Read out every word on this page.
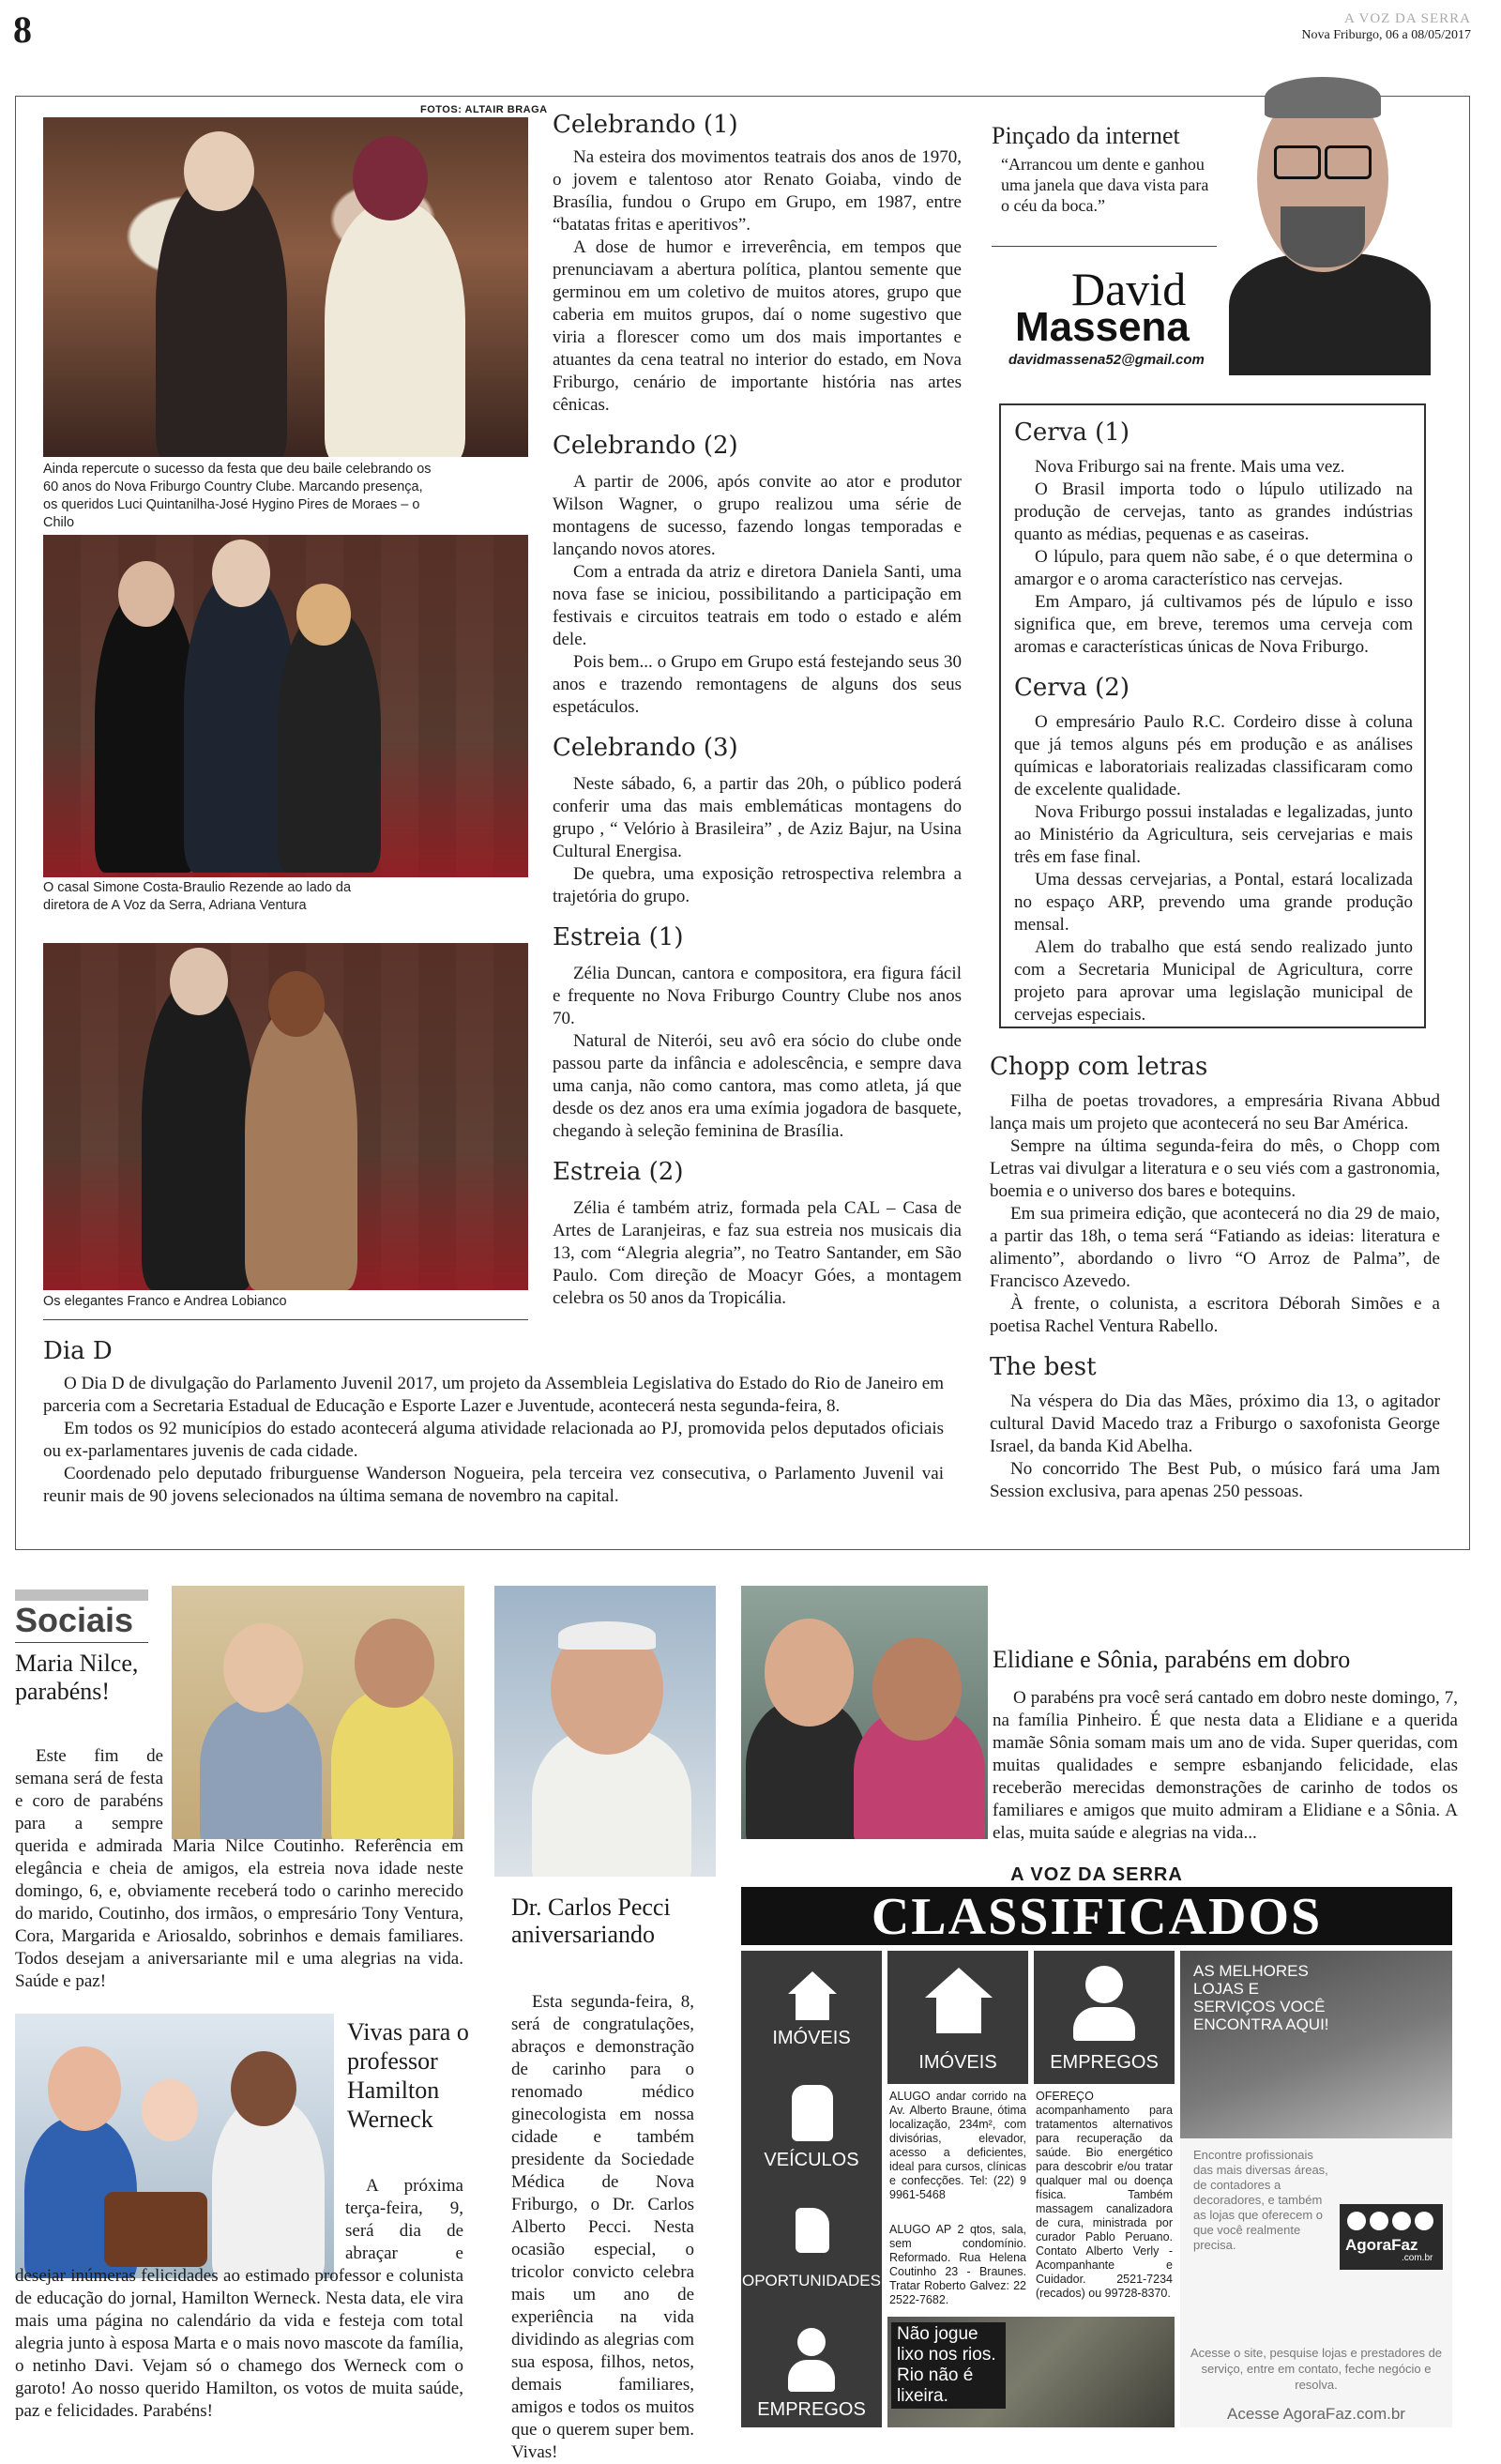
8	A VOZ DA SERRA
Nova Friburgo, 06 a 08/05/2017
FOTOS: ALTAIR BRAGA
Ainda repercute o sucesso da festa que deu baile celebrando os 60 anos do Nova Friburgo Country Clube. Marcando presença, os queridos Luci Quintanilha-José Hygino Pires de Moraes – o Chilo
O casal Simone Costa-Braulio Rezende ao lado da diretora de A Voz da Serra, Adriana Ventura
Os elegantes Franco e Andrea Lobianco
Celebrando (1)

Na esteira dos movimentos teatrais dos anos de 1970, o jovem e talentoso ator Renato Goiaba, vindo de Brasília, fundou o Grupo em Grupo, em 1987, entre “batatas fritas e aperitivos”.

A dose de humor e irreverência, em tempos que prenunciavam a abertura política, plantou semente que germinou em um coletivo de muitos atores, grupo que caberia em muitos grupos, daí o nome sugestivo que viria a florescer como um dos mais importantes e atuantes da cena teatral no interior do estado, em Nova Friburgo, cenário de importante história nas artes cênicas.

Celebrando (2)

A partir de 2006, após convite ao ator e produtor Wilson Wagner, o grupo realizou uma série de montagens de sucesso, fazendo longas temporadas e lançando novos atores.

Com a entrada da atriz e diretora Daniela Santi, uma nova fase se iniciou, possibilitando a participação em festivais e circuitos teatrais em todo o estado e além dele.

Pois bem... o Grupo em Grupo está festejando seus 30 anos e trazendo remontagens de alguns dos seus espetáculos.

Celebrando (3)

Neste sábado, 6, a partir das 20h, o público poderá conferir uma das mais emblemáticas montagens do grupo , “ Velório à Brasileira” , de Aziz Bajur, na Usina Cultural Energisa.

De quebra, uma exposição retrospectiva relembra a trajetória do grupo.

Estreia (1)

Zélia Duncan, cantora e compositora, era figura fácil e frequente no Nova Friburgo Country Clube nos anos 70.

Natural de Niterói, seu avô era sócio do clube onde passou parte da infância e adolescência, e sempre dava uma canja, não como cantora, mas como atleta, já que desde os dez anos era uma exímia jogadora de basquete, chegando à seleção feminina de Brasília.

Estreia (2)

Zélia é também atriz, formada pela CAL – Casa de Artes de Laranjeiras, e faz sua estreia nos musicais dia 13, com “Alegria alegria”, no Teatro Santander, em São Paulo. Com direção de Moacyr Góes, a montagem celebra os 50 anos da Tropicália.

Pinçado da internet
“Arrancou um dente e ganhou uma janela que dava vista para o céu da boca.”
David
Massena
davidmassena52@gmail.com
Cerva (1)

Nova Friburgo sai na frente. Mais uma vez.

O Brasil importa todo o lúpulo utilizado na produção de cervejas, tanto as grandes indústrias quanto as médias, pequenas e as caseiras.

O lúpulo, para quem não sabe, é o que determina o amargor e o aroma característico nas cervejas.

Em Amparo, já cultivamos pés de lúpulo e isso significa que, em breve, teremos uma cerveja com aromas e características únicas de Nova Friburgo.

Cerva (2)

O empresário Paulo R.C. Cordeiro disse à coluna que já temos alguns pés em produção e as análises químicas e laboratoriais realizadas classificaram como de excelente qualidade.

Nova Friburgo possui instaladas e legalizadas, junto ao Ministério da Agricultura, seis cervejarias e mais três em fase final.

Uma dessas cervejarias, a Pontal, estará localizada no espaço ARP, prevendo uma grande produção mensal.

Alem do trabalho que está sendo realizado junto com a Secretaria Municipal de Agricultura, corre projeto para aprovar uma legislação municipal de cervejas especiais.

Chopp com letras

Filha de poetas trovadores, a empresária Rivana Abbud lança mais um projeto que acontecerá no seu Bar América.

Sempre na última segunda-feira do mês, o Chopp com Letras vai divulgar a literatura e o seu viés com a gastronomia, boemia e o universo dos bares e botequins.

Em sua primeira edição, que acontecerá no dia 29 de maio, a partir das 18h, o tema será “Fatiando as ideias: literatura e alimento”, abordando o livro “O Arroz de Palma”, de Francisco Azevedo.

À frente, o colunista, a escritora Déborah Simões e a poetisa Rachel Ventura Rabello.

The best

Na véspera do Dia das Mães, próximo dia 13, o agitador cultural David Macedo traz a Friburgo o saxofonista George Israel, da banda Kid Abelha.

No concorrido The Best Pub, o músico fará uma Jam Session exclusiva, para apenas 250 pessoas.

Dia D

O Dia D de divulgação do Parlamento Juvenil 2017, um projeto da Assembleia Legislativa do Estado do Rio de Janeiro em parceria com a Secretaria Estadual de Educação e Esporte Lazer e Juventude, acontecerá nesta segunda-feira, 8.

Em todos os 92 municípios do estado acontecerá alguma atividade relacionada ao PJ, promovida pelos deputados oficiais ou ex-parlamentares juvenis de cada cidade.

Coordenado pelo deputado friburguense Wanderson Nogueira, pela terceira vez consecutiva, o Parlamento Juvenil vai reunir mais de 90 jovens selecionados na última semana de novembro na capital.

Sociais
Maria Nilce, parabéns!

Este fim de semana será de festa e coro de parabéns para a sempre querida e admirada Maria Nilce Coutinho. Referência em elegância e cheia de amigos, ela estreia nova idade neste domingo, 6, e, obviamente receberá todo o carinho merecido do marido, Coutinho, dos irmãos, o empresário Tony Ventura, Cora, Margarida e Ariosaldo, sobrinhos e demais familiares. Todos desejam a aniversariante mil e uma alegrias na vida. Saúde e paz!

Vivas para o professor Hamilton Werneck

A próxima terça-feira, 9, será dia de abraçar e desejar inúmeras felicidades ao estimado professor e colunista de educação do jornal, Hamilton Werneck. Nesta data, ele vira mais uma página no calendário da vida e festeja com total alegria junto à esposa Marta e o mais novo mascote da família, o netinho Davi. Vejam só o chamego dos Werneck com o garoto! Ao nosso querido Hamilton, os votos de muita saúde, paz e felicidades. Parabéns!

Dr. Carlos Pecci aniversariando

Esta segunda-feira, 8, será de congratulações, abraços e demonstração de carinho para o renomado médico ginecologista em nossa cidade e também presidente da Sociedade Médica de Nova Friburgo, o Dr. Carlos Alberto Pecci. Nesta ocasião especial, o tricolor convicto celebra mais um ano de experiência na vida dividindo as alegrias com sua esposa, filhos, netos, demais familiares, amigos e todos os muitos que o querem super bem. Vivas!

Elidiane e Sônia, parabéns em dobro

O parabéns pra você será cantado em dobro neste domingo, 7, na família Pinheiro. É que nesta data a Elidiane e a querida mamãe Sônia somam mais um ano de vida. Super queridas, com muitas qualidades e sempre esbanjando felicidade, elas receberão merecidas demonstrações de carinho de todos os familiares e amigos que muito admiram a Elidiane e a Sônia. A elas, muita saúde e alegrias na vida...

A VOZ DA SERRA
CLASSIFICADOS
IMÓVEIS
VEÍCULOS
OPORTUNIDADES
EMPREGOS
IMÓVEIS
ALUGO andar corrido na Av. Alberto Braune, ótima localização, 234m², com divisórias, elevador, acesso a deficientes, ideal para cursos, clínicas e confecções. Tel: (22) 9 9961-5468
ALUGO AP 2 qtos, sala, sem condomínio. Reformado. Rua Helena Coutinho 23 - Braunes. Tratar Roberto Galvez: 22 2522-7682.
EMPREGOS
OFEREÇO acompanhamento para tratamentos alternativos para recuperação da saúde. Bio energético para descobrir e/ou tratar qualquer mal ou doença física. Também massagem canalizadora de cura, ministrada por curador Pablo Peruano. Contato Alberto Verly - Acompanhante e Cuidador. 2521-7234 (recados) ou 99728-8370.
Não jogue lixo nos rios. Rio não é lixeira.
AS MELHORES LOJAS E SERVIÇOS VOCÊ ENCONTRA AQUI!
Encontre profissionais das mais diversas áreas, de contadores a decoradores, e também as lojas que oferecem o que você realmente precisa.	AgoraFaz
.com.br
Acesse o site, pesquise lojas e prestadores de serviço, entre em contato, feche negócio e resolva.
Acesse AgoraFaz.com.br
